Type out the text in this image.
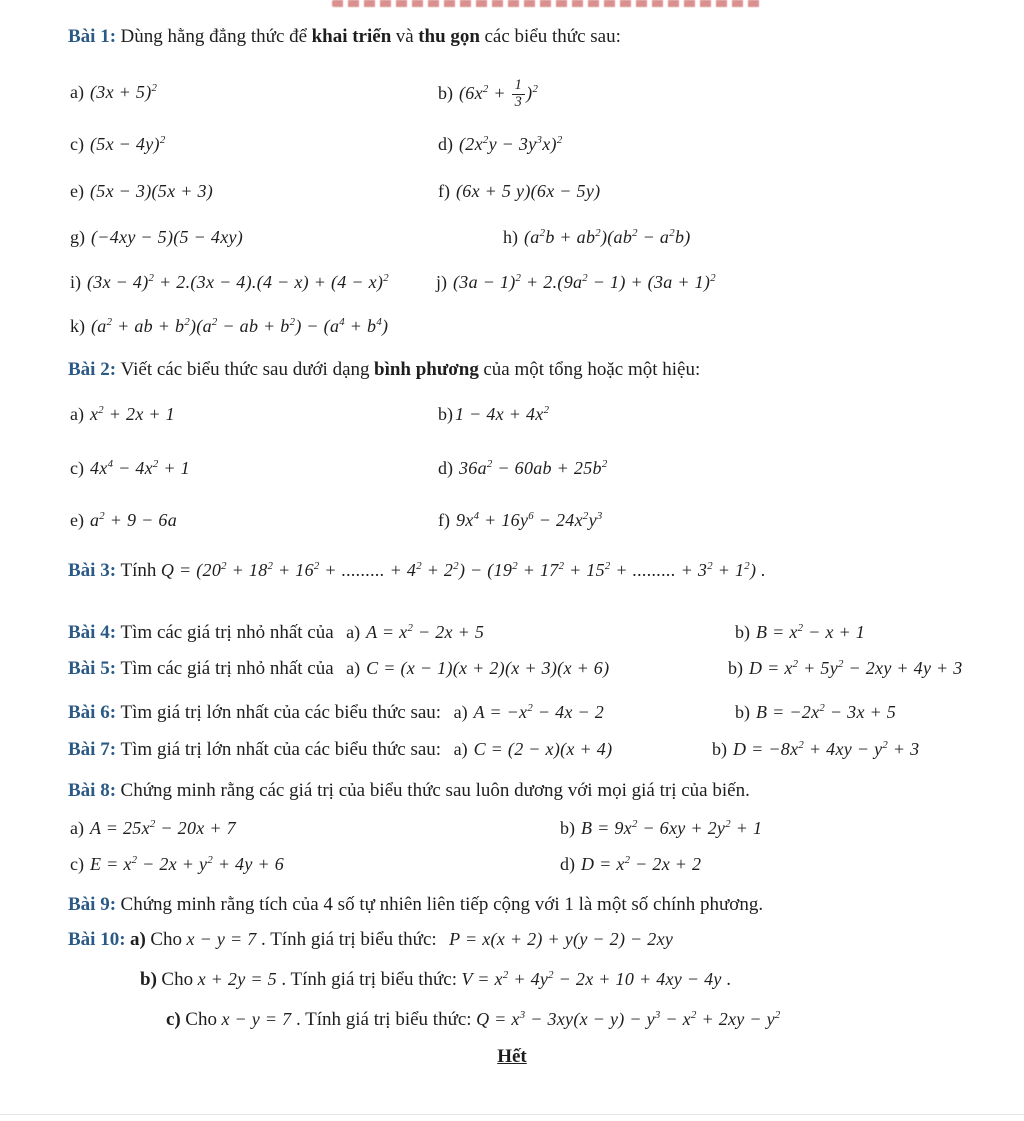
Bài 1: Dùng hằng đẳng thức để khai triển và thu gọn các biểu thức sau:
a) $(3x + 5)^2$	b) $(6x^2 + \frac{1}{3} )^2$
c) $(5x - 4y)^2$	d) $(2x^2y - 3y^3x)^2$
e) (5x − 3)(5x + 3)	f) (6x + 5 y)(6x − 5y)
g) (−4xy − 5)(5 − 4xy)	h) $(a^2b + ab^2)(ab^2 - a^2b)$
i) $(3x - 4)^2 + 2.(3x - 4).(4 - x) + (4 - x)^2$	j) $(3a - 1)^2 + 2.(9a^2 - 1) + (3a + 1)^2$
k) ($a^2$ + ab + $b^2)(a^2$ − ab + $b^2) - (a^4 + b^4)$
Bài 2: Viết các biểu thức sau dưới dạng bình phương của một tổng hoặc một hiệu:
a) $x^2 + 2x + 1$	b) $1 - 4x + 4x^2$
c) $4x^4 - 4x^2 + 1$	d) $36a^2 - 60ab + 25b^2$
e) $a^2 + 9 - 6a$	f) $9x^4 + 16y^6 - 24x^2y^3$
Bài 3: Tính $Q = (20^2 + 18^2 + 16^2$ + ......... + $4^2 + 2^2) - (19^2 + 17^2 + 15^2$ + ......... + $3^2 + 1^2$) .
Bài 4: Tìm các giá trị nhỏ nhất của a) $A = x^2 - 2x + 5$	b) $B = x^2 - x + 1$
Bài 5: Tìm các giá trị nhỏ nhất của a) C = (x − 1)(x + 2)(x + 3)(x + 6)	b) $D = x^2 + 5y^2 - 2xy + 4y + 3$
Bài 6: Tìm giá trị lớn nhất của các biểu thức sau: a) $A = -x^2 - 4x - 2$	b) $B = -2x^2 - 3x + 5$
Bài 7: Tìm giá trị lớn nhất của các biểu thức sau: a) C = (2 − x)(x + 4)	b) $D = -8x^2 + 4xy - y^2 + 3$
Bài 8: Chứng minh rằng các giá trị của biểu thức sau luôn dương với mọi giá trị của biến.
a) $A = 25x^2 - 20x + 7$	b) $B = 9x^2 - 6xy + 2y^2 + 1$
c) $E = x^2 - 2x + y^2 + 4y + 6$	d) $D = x^2 - 2x + 2$
Bài 9: Chứng minh rằng tích của 4 số tự nhiên liên tiếp cộng với 1 là một số chính phương.
Bài 10: a) Cho x − y = 7 . Tính giá trị biểu thức: P = x(x + 2) + y(y − 2) − 2xy
b) Cho x + 2y = 5 . Tính giá trị biểu thức: $V = x^2 + 4y^2 - 2x + 10 + 4xy - 4y$ .
c) Cho x − y = 7 . Tính giá trị biểu thức: $Q = x^3 - 3xy(x - y) - y^3 - x^2 + 2xy - y^2$
Hết
